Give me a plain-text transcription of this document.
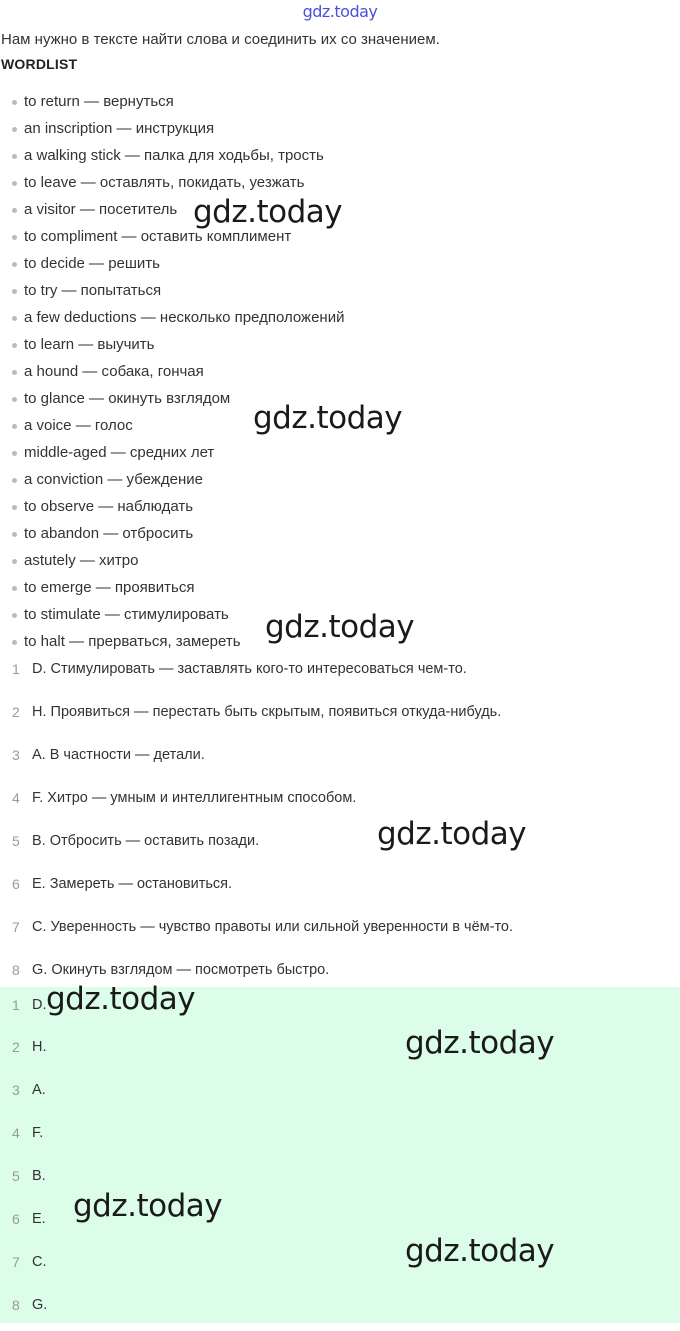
gdz.today
Нам нужно в тексте найти слова и соединить их со значением.
WORDLIST
to return — вернуться
an inscription — инструкция
a walking stick — палка для ходьбы, трость
to leave — оставлять, покидать, уезжать
a visitor — посетитель
to compliment — оставить комплимент
to decide — решить
to try — попытаться
a few deductions — несколько предположений
to learn — выучить
a hound — собака, гончая
to glance — окинуть взглядом
a voice — голос
middle-aged — средних лет
a conviction — убеждение
to observe — наблюдать
to abandon — отбросить
astutely — хитро
to emerge — проявиться
to stimulate — стимулировать
to halt — прерваться, замереть
1 D. Стимулировать — заставлять кого-то интересоваться чем-то.
2 H. Проявиться — перестать быть скрытым, появиться откуда-нибудь.
3 A. В частности — детали.
4 F. Хитро — умным и интеллигентным способом.
5 B. Отбросить — оставить позади.
6 E. Замереть — остановиться.
7 C. Уверенность — чувство правоты или сильной уверенности в чём-то.
8 G. Окинуть взглядом — посмотреть быстро.
1 D.
2 H.
3 A.
4 F.
5 B.
6 E.
7 C.
8 G.
gdz.today
gdz.today
gdz.today
gdz.today
gdz.today
gdz.today
gdz.today
gdz.today
